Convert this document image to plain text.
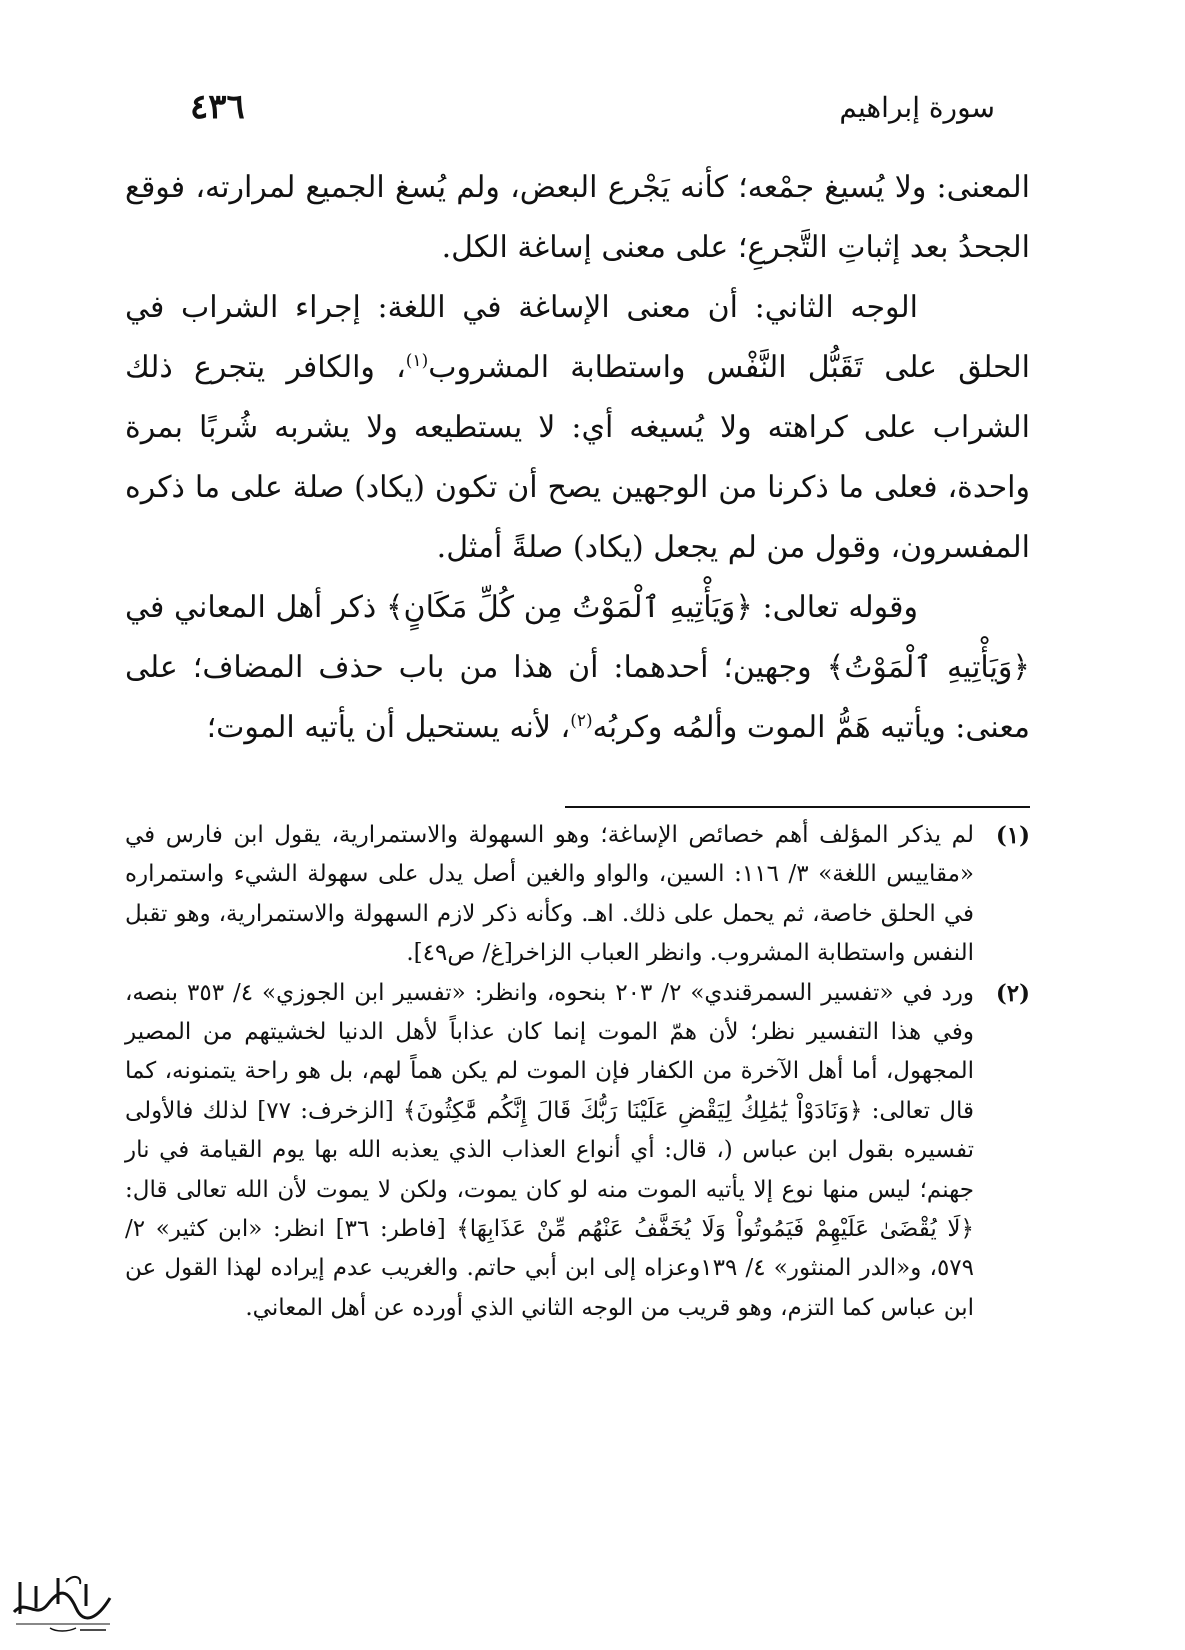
سورة إبراهيم
٤٣٦

المعنى: ولا يُسيغ جمْعه؛ كأنه يَجْرع البعض، ولم يُسغ الجميع لمرارته، فوقع الجحدُ بعد إثباتِ التَّجرعِ؛ على معنى إساغة الكل.

الوجه الثاني: أن معنى الإساغة في اللغة: إجراء الشراب في الحلق على تَقَبُّل النَّفْس واستطابة المشروب$^{(١)}$، والكافر يتجرع ذلك الشراب على كراهته ولا يُسيغه أي: لا يستطيعه ولا يشربه شُربًا بمرة واحدة، فعلى ما ذكرنا من الوجهين يصح أن تكون (يكاد) صلة على ما ذكره المفسرون، وقول من لم يجعل (يكاد) صلةً أمثل.

وقوله تعالى: ﴿وَيَأْتِيهِ ٱلْمَوْتُ مِن كُلِّ مَكَانٍ﴾ ذكر أهل المعاني في ﴿وَيَأْتِيهِ ٱلْمَوْتُ﴾ وجهين؛ أحدهما: أن هذا من باب حذف المضاف؛ على معنى: ويأتيه هَمُّ الموت وألمُه وكربُه$^{(٢)}$، لأنه يستحيل أن يأتيه الموت؛

(١)
لم يذكر المؤلف أهم خصائص الإساغة؛ وهو السهولة والاستمرارية، يقول ابن فارس في «مقاييس اللغة» ٣/ ١١٦: السين، والواو والغين أصل يدل على سهولة الشيء واستمراره في الحلق خاصة، ثم يحمل على ذلك. اهـ. وكأنه ذكر لازم السهولة والاستمرارية، وهو تقبل النفس واستطابة المشروب. وانظر العباب الزاخر[غ/ ص٤٩].
(٢)
ورد في «تفسير السمرقندي» ٢/ ٢٠٣ بنحوه، وانظر: «تفسير ابن الجوزي» ٤/ ٣٥٣ بنصه، وفي هذا التفسير نظر؛ لأن همّ الموت إنما كان عذاباً لأهل الدنيا لخشيتهم من المصير المجهول، أما أهل الآخرة من الكفار فإن الموت لم يكن هماً لهم، بل هو راحة يتمنونه، كما قال تعالى: ﴿وَنَادَوْاْ يَٰمَٰلِكُ لِيَقْضِ عَلَيْنَا رَبُّكَ قَالَ إِنَّكُم مَّٰكِثُونَ﴾ [الزخرف: ٧٧] لذلك فالأولى تفسيره بقول ابن عباس (، قال: أي أنواع العذاب الذي يعذبه الله بها يوم القيامة في نار جهنم؛ ليس منها نوع إلا يأتيه الموت منه لو كان يموت، ولكن لا يموت لأن الله تعالى قال: ﴿لَا يُقْضَىٰ عَلَيْهِمْ فَيَمُوتُواْ وَلَا يُخَفَّفُ عَنْهُم مِّنْ عَذَابِهَا﴾ [فاطر: ٣٦] انظر: «ابن كثير» ٢/ ٥٧٩، و«الدر المنثور» ٤/ ١٣٩وعزاه إلى ابن أبي حاتم. والغريب عدم إيراده لهذا القول عن ابن عباس كما التزم، وهو قريب من الوجه الثاني الذي أورده عن أهل المعاني.
